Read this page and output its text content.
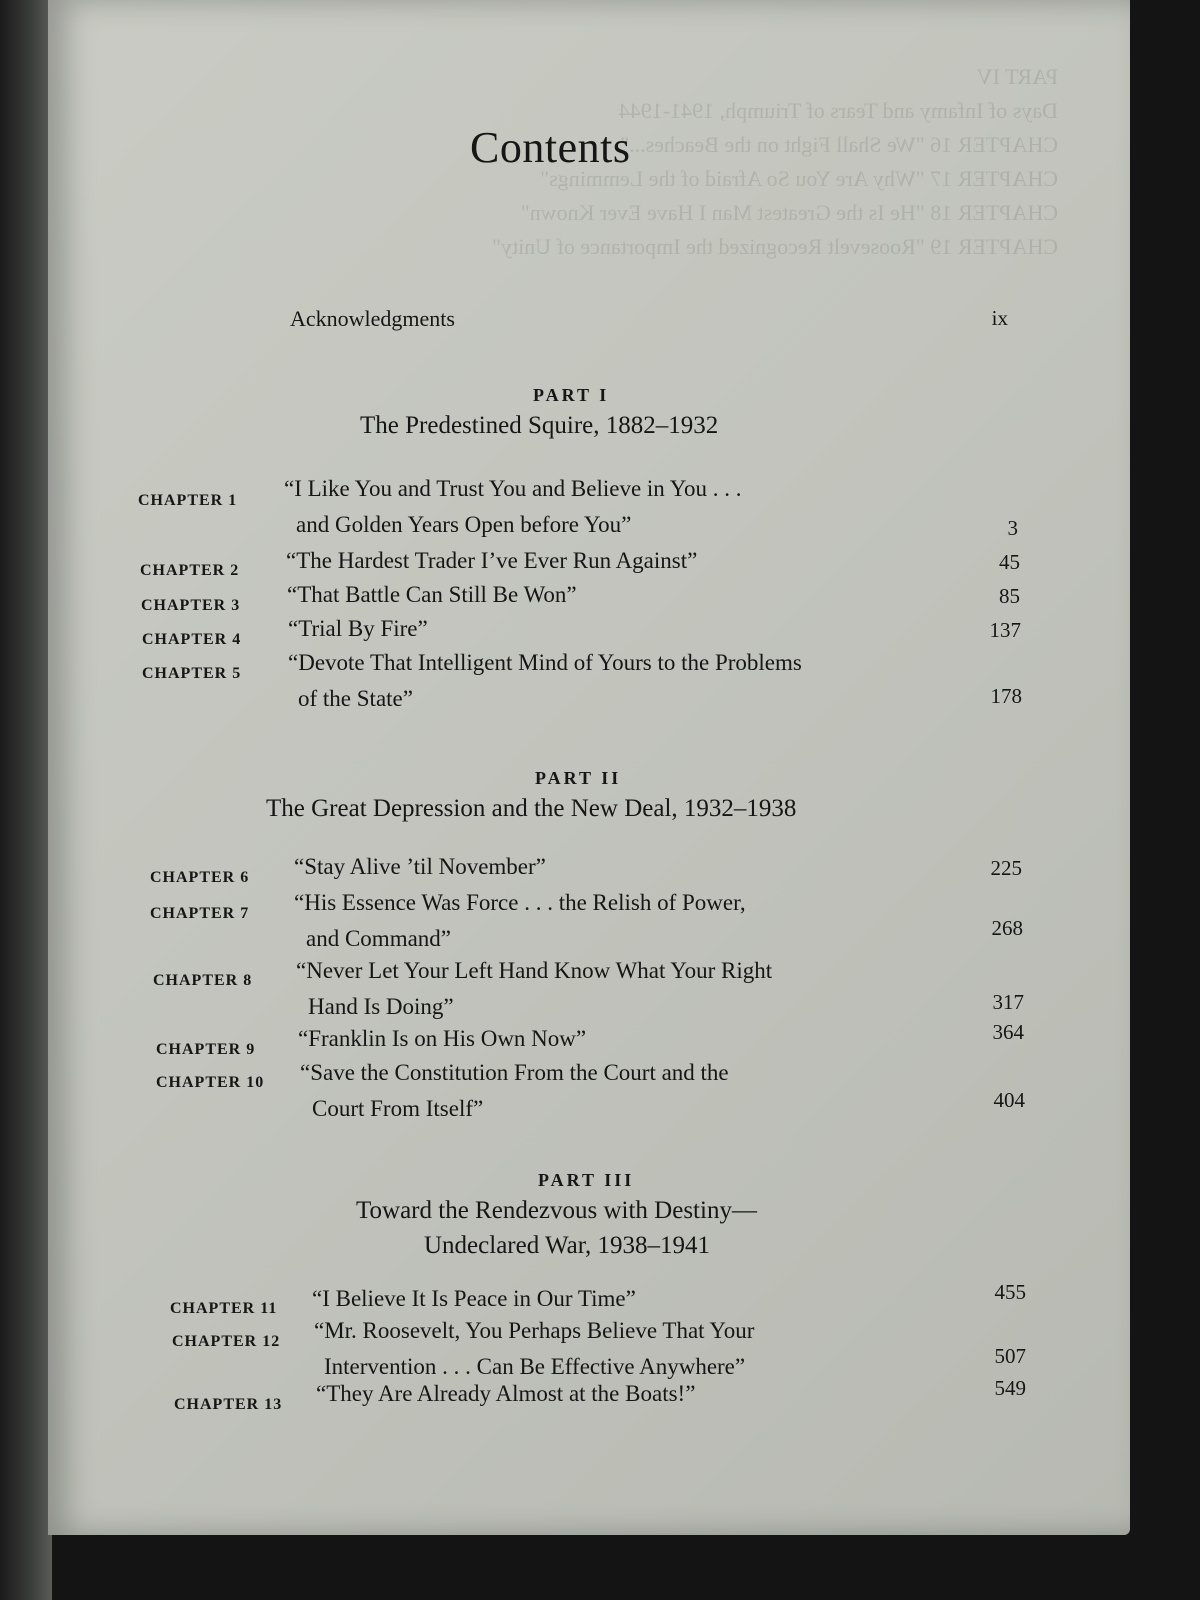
PART IV
Days of Infamy and Tears of Triumph, 1941-1944
CHAPTER 16 "We Shall Fight on the Beaches..."
CHAPTER 17 "Why Are You So Afraid of the Lemmings"
CHAPTER 18 "He Is the Greatest Man I Have Ever Known"
CHAPTER 19 "Roosevelt Recognized the Importance of Unity"
Contents
Acknowledgments	ix
PART I
The Predestined Squire, 1882–1932
CHAPTER 1 “I Like You and Trust You and Believe in You . . .
and Golden Years Open before You”	3
CHAPTER 2 “The Hardest Trader I’ve Ever Run Against”	45
CHAPTER 3 “That Battle Can Still Be Won”	85
CHAPTER 4 “Trial By Fire”	137
CHAPTER 5 “Devote That Intelligent Mind of Yours to the Problems
of the State”	178
PART II
The Great Depression and the New Deal, 1932–1938
CHAPTER 6 “Stay Alive ’til November”	225
CHAPTER 7 “His Essence Was Force . . . the Relish of Power,
and Command”	268
CHAPTER 8 “Never Let Your Left Hand Know What Your Right
Hand Is Doing”	317
CHAPTER 9 “Franklin Is on His Own Now”	364
CHAPTER 10 “Save the Constitution From the Court and the
Court From Itself”	404
PART III
Toward the Rendezvous with Destiny—
Undeclared War, 1938–1941
CHAPTER 11 “I Believe It Is Peace in Our Time”	455
CHAPTER 12 “Mr. Roosevelt, You Perhaps Believe That Your
Intervention . . . Can Be Effective Anywhere”	507
CHAPTER 13 “They Are Already Almost at the Boats!”	549
